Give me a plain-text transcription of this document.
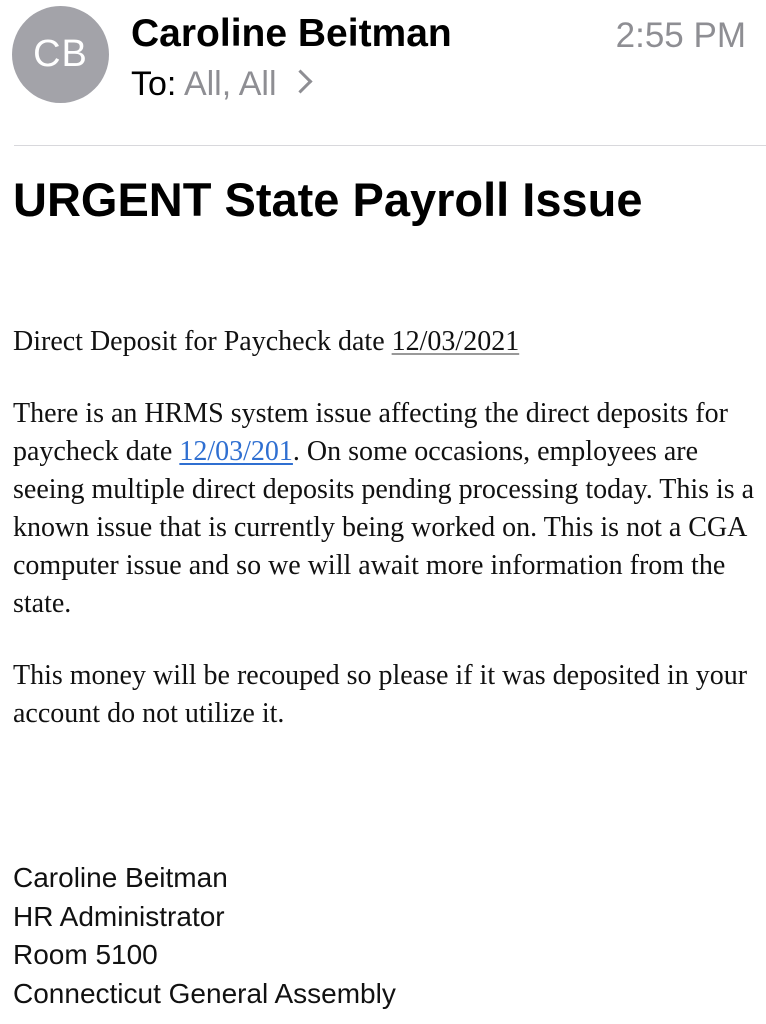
CB Caroline Beitman	2:55 PM
To: All, All
URGENT State Payroll Issue

Direct Deposit for Paycheck date 12/03/2021

There is an HRMS system issue affecting the direct deposits for paycheck date 12/03/201. On some occasions, employees are seeing multiple direct deposits pending processing today. This is a known issue that is currently being worked on. This is not a CGA computer issue and so we will await more information from the state.

This money will be recouped so please if it was deposited in your account do not utilize it.

Caroline Beitman
HR Administrator
Room 5100
Connecticut General Assembly
